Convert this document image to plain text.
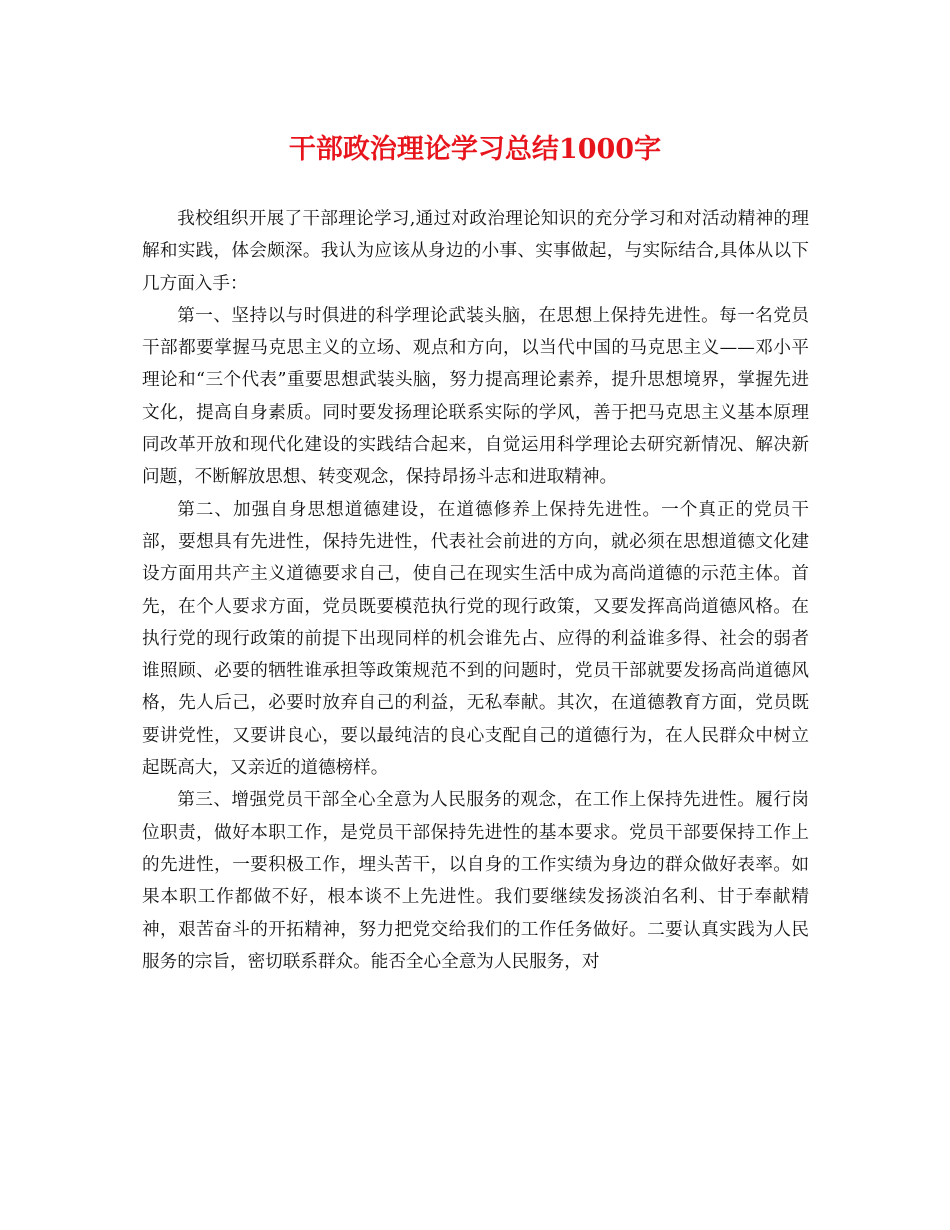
干部政治理论学习总结1000字

我校组织开展了干部理论学习,通过对政治理论知识的充分学习和对活动精神的理解和实践，体会颇深。我认为应该从身边的小事、实事做起，与实际结合,具体从以下几方面入手：

第一、坚持以与时俱进的科学理论武装头脑，在思想上保持先进性。每一名党员干部都要掌握马克思主义的立场、观点和方向，以当代中国的马克思主义——邓小平理论和“三个代表”重要思想武装头脑，努力提高理论素养，提升思想境界，掌握先进文化，提高自身素质。同时要发扬理论联系实际的学风，善于把马克思主义基本原理同改革开放和现代化建设的实践结合起来，自觉运用科学理论去研究新情况、解决新问题，不断解放思想、转变观念，保持昂扬斗志和进取精神。

第二、加强自身思想道德建设，在道德修养上保持先进性。一个真正的党员干部，要想具有先进性，保持先进性，代表社会前进的方向，就必须在思想道德文化建设方面用共产主义道德要求自己，使自己在现实生活中成为高尚道德的示范主体。首先，在个人要求方面，党员既要模范执行党的现行政策，又要发挥高尚道德风格。在执行党的现行政策的前提下出现同样的机会谁先占、应得的利益谁多得、社会的弱者谁照顾、必要的牺牲谁承担等政策规范不到的问题时，党员干部就要发扬高尚道德风格，先人后己，必要时放弃自己的利益，无私奉献。其次，在道德教育方面，党员既要讲党性，又要讲良心，要以最纯洁的良心支配自己的道德行为，在人民群众中树立起既高大，又亲近的道德榜样。

第三、增强党员干部全心全意为人民服务的观念，在工作上保持先进性。履行岗位职责，做好本职工作，是党员干部保持先进性的基本要求。党员干部要保持工作上的先进性，一要积极工作，埋头苦干，以自身的工作实绩为身边的群众做好表率。如果本职工作都做不好，根本谈不上先进性。我们要继续发扬淡泊名利、甘于奉献精神，艰苦奋斗的开拓精神，努力把党交给我们的工作任务做好。二要认真实践为人民服务的宗旨，密切联系群众。能否全心全意为人民服务，对
